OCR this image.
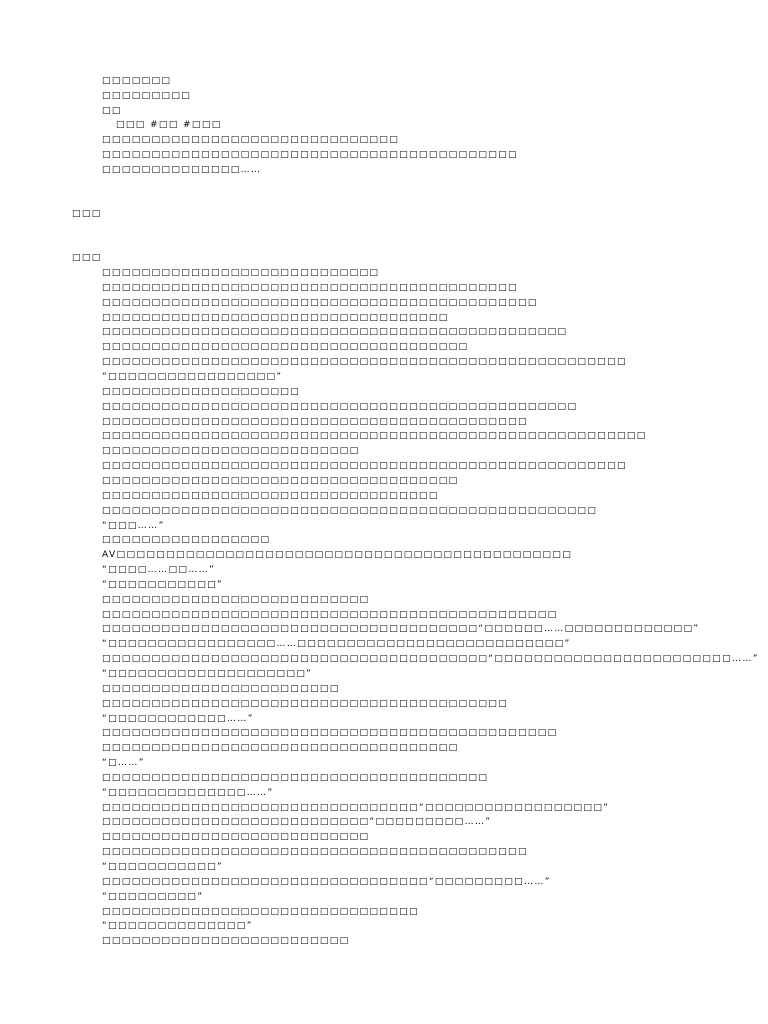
□□□□□□□
□□□□□□□□□
□□
□□□ #□□ #□□□
□□□□□□□□□□□□□□□□□□□□□□□□□□□□□□
□□□□□□□□□□□□□□□□□□□□□□□□□□□□□□□□□□□□□□□□□□
□□□□□□□□□□□□□□……
□□□
□□□
□□□□□□□□□□□□□□□□□□□□□□□□□□□□
□□□□□□□□□□□□□□□□□□□□□□□□□□□□□□□□□□□□□□□□□□
□□□□□□□□□□□□□□□□□□□□□□□□□□□□□□□□□□□□□□□□□□□□
□□□□□□□□□□□□□□□□□□□□□□□□□□□□□□□□□□□
□□□□□□□□□□□□□□□□□□□□□□□□□□□□□□□□□□□□□□□□□□□□□□□
□□□□□□□□□□□□□□□□□□□□□□□□□□□□□□□□□□□□□
□□□□□□□□□□□□□□□□□□□□□□□□□□□□□□□□□□□□□□□□□□□□□□□□□□□□□
“□□□□□□□□□□□□□□□□□”
□□□□□□□□□□□□□□□□□□□□
□□□□□□□□□□□□□□□□□□□□□□□□□□□□□□□□□□□□□□□□□□□□□□□□
□□□□□□□□□□□□□□□□□□□□□□□□□□□□□□□□□□□□□□□□□□□
□□□□□□□□□□□□□□□□□□□□□□□□□□□□□□□□□□□□□□□□□□□□□□□□□□□□□□□
□□□□□□□□□□□□□□□□□□□□□□□□□□
□□□□□□□□□□□□□□□□□□□□□□□□□□□□□□□□□□□□□□□□□□□□□□□□□□□□□
□□□□□□□□□□□□□□□□□□□□□□□□□□□□□□□□□□□□
□□□□□□□□□□□□□□□□□□□□□□□□□□□□□□□□□□
□□□□□□□□□□□□□□□□□□□□□□□□□□□□□□□□□□□□□□□□□□□□□□□□□□
“□□□……”
□□□□□□□□□□□□□□□□□
AV□□□□□□□□□□□□□□□□□□□□□□□□□□□□□□□□□□□□□□□□□□□□□□
“□□□□……□□……”
“□□□□□□□□□□□”
□□□□□□□□□□□□□□□□□□□□□□□□□□□
□□□□□□□□□□□□□□□□□□□□□□□□□□□□□□□□□□□□□□□□□□□□□□
□□□□□□□□□□□□□□□□□□□□□□□□□□□□□□□□□□□□□□“□□□□□□……□□□□□□□□□□□□□”
“□□□□□□□□□□□□□□□□□……□□□□□□□□□□□□□□□□□□□□□□□□□□□”
□□□□□□□□□□□□□□□□□□□□□□□□□□□□□□□□□□□□□□□“□□□□□□□□□□□□□□□□□□□□□□□□……”
“□□□□□□□□□□□□□□□□□□□□”
□□□□□□□□□□□□□□□□□□□□□□□□
□□□□□□□□□□□□□□□□□□□□□□□□□□□□□□□□□□□□□□□□□
“□□□□□□□□□□□□……”
□□□□□□□□□□□□□□□□□□□□□□□□□□□□□□□□□□□□□□□□□□□□□□
□□□□□□□□□□□□□□□□□□□□□□□□□□□□□□□□□□□□
“□……”
□□□□□□□□□□□□□□□□□□□□□□□□□□□□□□□□□□□□□□□
“□□□□□□□□□□□□□□……”
□□□□□□□□□□□□□□□□□□□□□□□□□□□□□□□□“□□□□□□□□□□□□□□□□□□”
□□□□□□□□□□□□□□□□□□□□□□□□□□□“□□□□□□□□□……”
□□□□□□□□□□□□□□□□□□□□□□□□□□□
□□□□□□□□□□□□□□□□□□□□□□□□□□□□□□□□□□□□□□□□□□□
“□□□□□□□□□□□”
□□□□□□□□□□□□□□□□□□□□□□□□□□□□□□□□□“□□□□□□□□□……”
“□□□□□□□□□”
□□□□□□□□□□□□□□□□□□□□□□□□□□□□□□□□
“□□□□□□□□□□□□□□”
□□□□□□□□□□□□□□□□□□□□□□□□□
